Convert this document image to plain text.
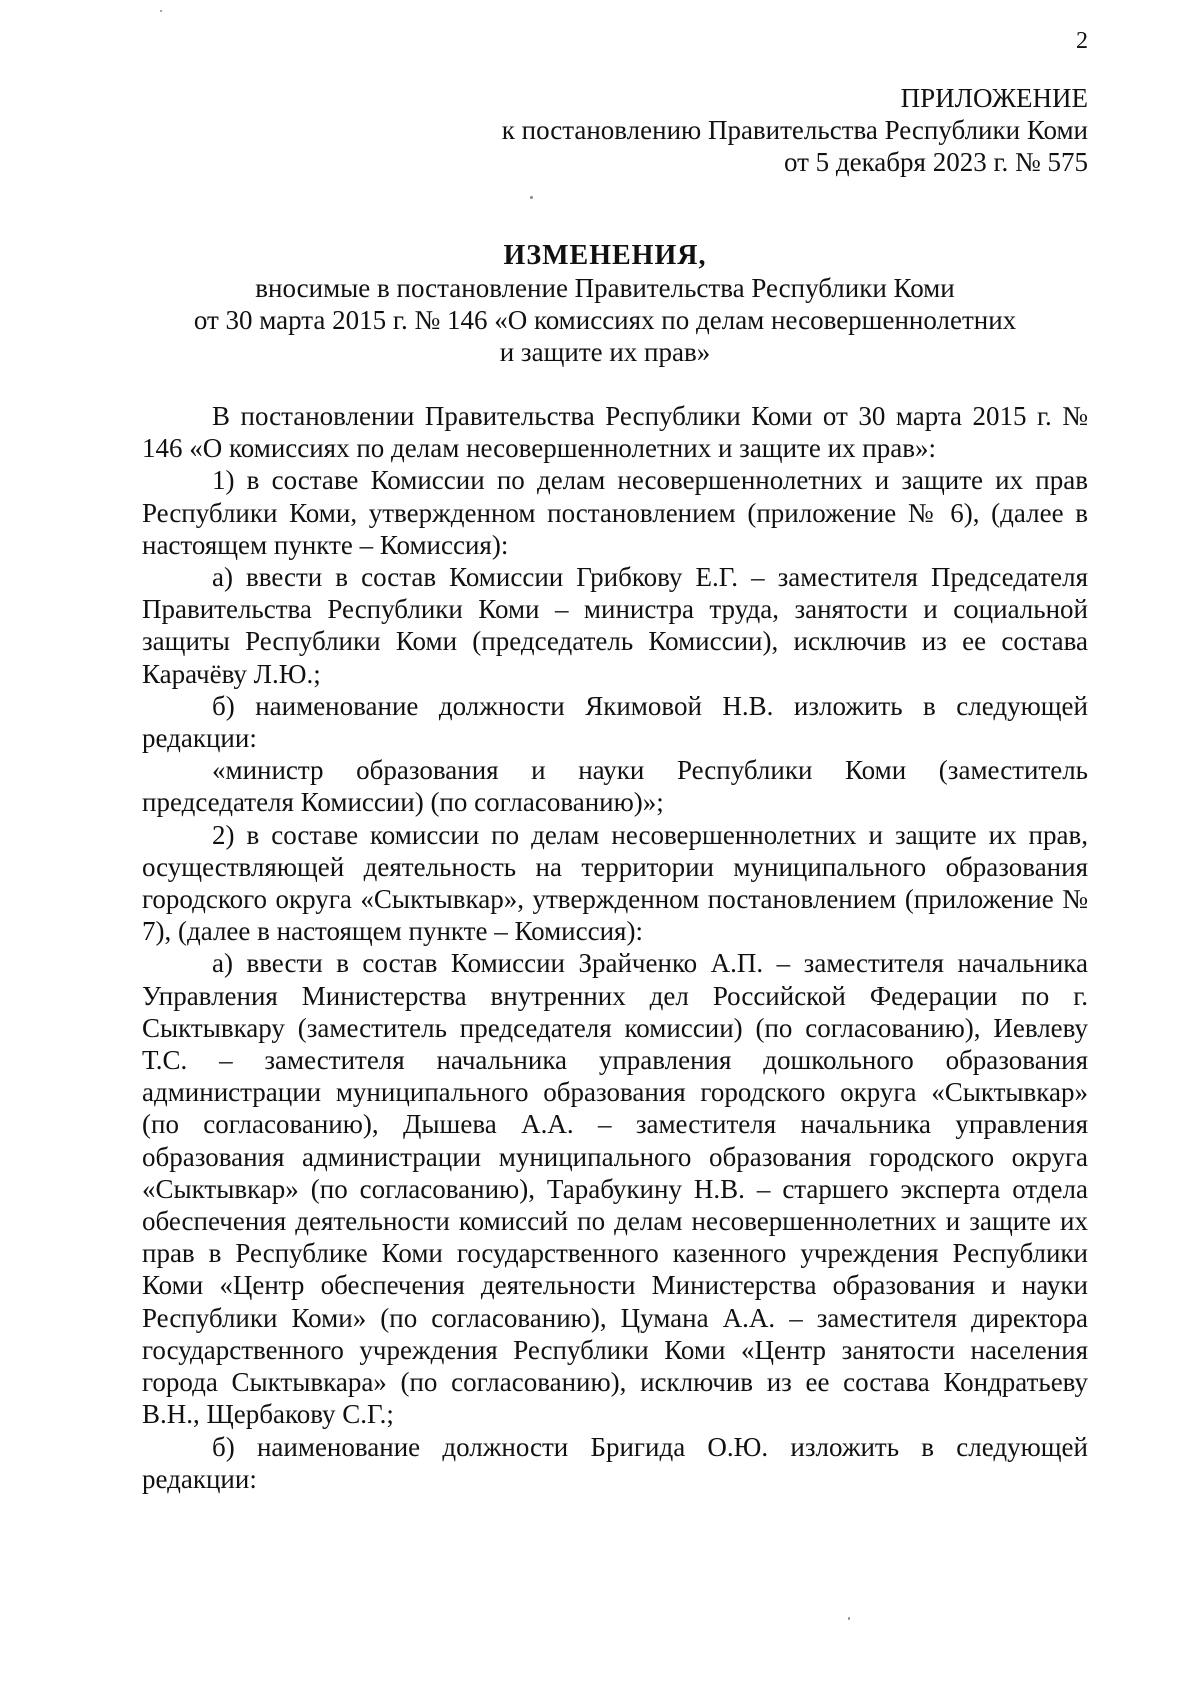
2
ПРИЛОЖЕНИЕ
к постановлению Правительства Республики Коми
от 5 декабря 2023 г. № 575
ИЗМЕНЕНИЯ,
вносимые в постановление Правительства Республики Коми
от 30 марта 2015 г. № 146 «О комиссиях по делам несовершеннолетних
и защите их прав»

В постановлении Правительства Республики Коми от 30 марта 2015 г. № 146 «О комиссиях по делам несовершеннолетних и защите их прав»:

1) в составе Комиссии по делам несовершеннолетних и защите их прав Республики Коми, утвержденном постановлением (приложение № 6), (далее в настоящем пункте – Комиссия):

а) ввести в состав Комиссии Грибкову Е.Г. – заместителя Председателя Правительства Республики Коми – министра труда, занятости и социальной защиты Республики Коми (председатель Комиссии), исключив из ее состава Карачёву Л.Ю.;

б) наименование должности Якимовой Н.В. изложить в следующей редакции:

«министр образования и науки Республики Коми (заместитель председателя Комиссии) (по согласованию)»;

2) в составе комиссии по делам несовершеннолетних и защите их прав, осуществляющей деятельность на территории муниципального образования городского округа «Сыктывкар», утвержденном постановлением (приложение № 7), (далее в настоящем пункте – Комиссия):

а) ввести в состав Комиссии Зрайченко А.П. – заместителя начальника Управления Министерства внутренних дел Российской Федерации по г. Сыктывкару (заместитель председателя комиссии) (по согласованию), Иевлеву Т.С. – заместителя начальника управления дошкольного образования администрации муниципального образования городского округа «Сыктывкар» (по согласованию), Дышева А.А. – заместителя начальника управления образования администрации муниципального образования городского округа «Сыктывкар» (по согласованию), Тарабукину Н.В. – старшего эксперта отдела обеспечения деятельности комиссий по делам несовершеннолетних и защите их прав в Республике Коми государственного казенного учреждения Республики Коми «Центр обеспечения деятельности Министерства образования и науки Республики Коми» (по согласованию), Цумана А.А. – заместителя директора государственного учреждения Республики Коми «Центр занятости населения города Сыктывкара» (по согласованию), исключив из ее состава Кондратьеву В.Н., Щербакову С.Г.;

б) наименование должности Бригида О.Ю. изложить в следующей редакции:
